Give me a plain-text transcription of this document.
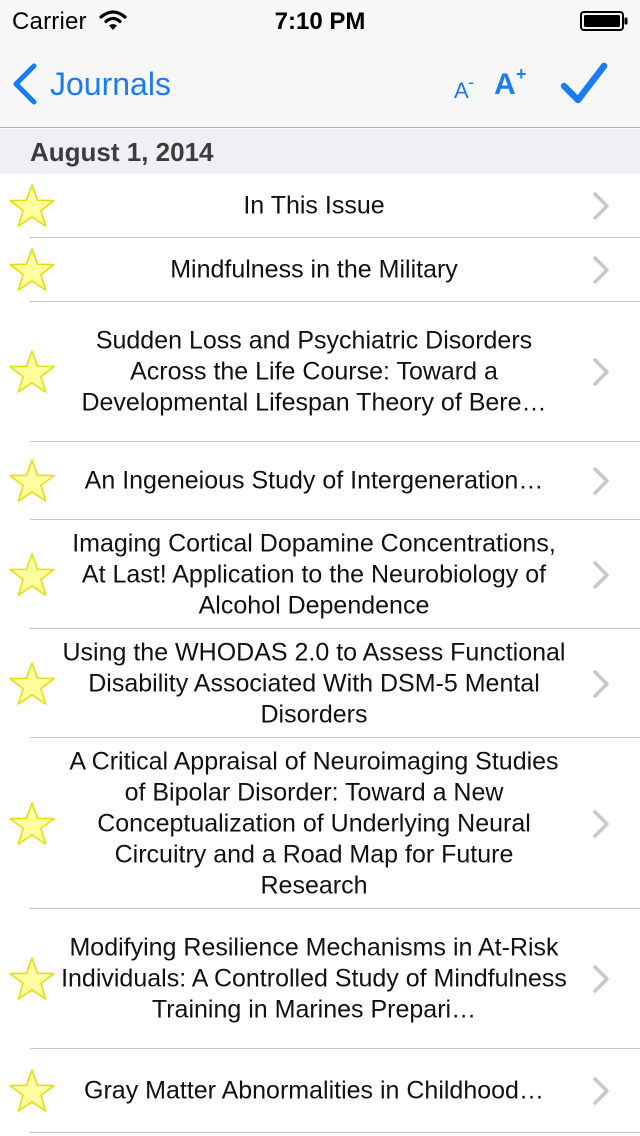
Carrier	7:10 PM
Journals	A - A +
August 1, 2014
In This Issue
Mindfulness in the Military
Sudden Loss and Psychiatric Disorders Across the Life Course: Toward a Developmental Lifespan Theory of Bere…
An Ingeneious Study of Intergeneration…
Imaging Cortical Dopamine Concentrations, At Last! Application to the Neurobiology of Alcohol Dependence
Using the WHODAS 2.0 to Assess Functional Disability Associated With DSM-5 Mental Disorders
A Critical Appraisal of Neuroimaging Studies of Bipolar Disorder: Toward a New Conceptualization of Underlying Neural Circuitry and a Road Map for Future Research
Modifying Resilience Mechanisms in At-Risk Individuals: A Controlled Study of Mindfulness Training in Marines Prepari…
Gray Matter Abnormalities in Childhood…
